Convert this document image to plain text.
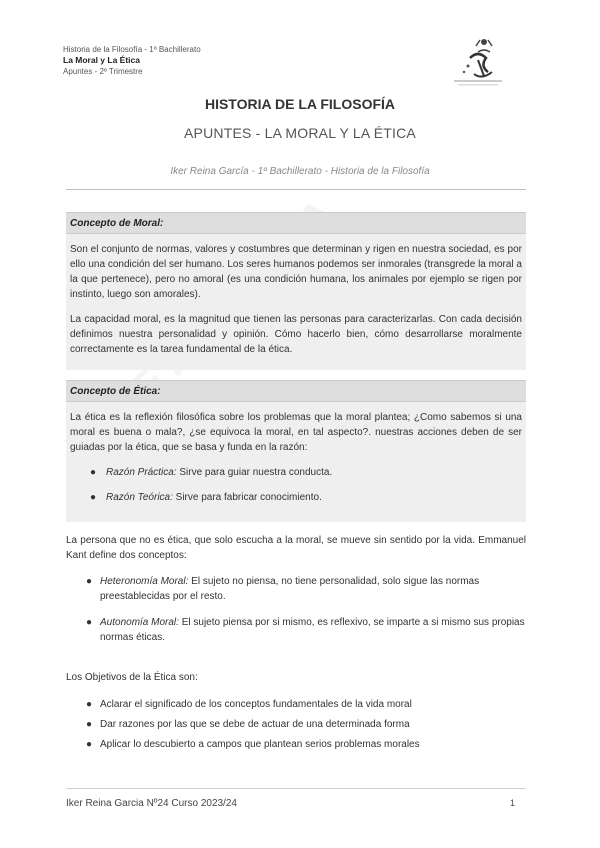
Historia de la Filosofía - 1º Bachillerato
La Moral y La Ética
Apuntes - 2º Trimestre
HISTORIA DE LA FILOSOFÍA
APUNTES - LA MORAL Y LA ÉTICA
Iker Reina García - 1º Bachillerato - Historia de la Filosofía
Concepto de Moral:

Son el conjunto de normas, valores y costumbres que determinan y rigen en nuestra sociedad, es por ello una condición del ser humano. Los seres humanos podemos ser inmorales (transgrede la moral a la que pertenece), pero no amoral (es una condición humana, los animales por ejemplo se rigen por instinto, luego son amorales).

La capacidad moral, es la magnitud que tienen las personas para caracterizarlas. Con cada decisión definimos nuestra personalidad y opinión. Cómo hacerlo bien, cómo desarrollarse moralmente correctamente es la tarea fundamental de la ética.

Concepto de Ética:

La ética es la reflexión filosófica sobre los problemas que la moral plantea; ¿Como sabemos si una moral es buena o mala?, ¿se equivoca la moral, en tal aspecto?. nuestras acciones deben de ser guiadas por la ética, que se basa y funda en la razón:

● Razón Práctica: Sirve para guiar nuestra conducta.
● Razón Teórica: Sirve para fabricar conocimiento.

La persona que no es ética, que solo escucha a la moral, se mueve sin sentido por la vida. Emmanuel Kant define dos conceptos:

● Heteronomía Moral: El sujeto no piensa, no tiene personalidad, solo sigue las normas preestablecidas por el resto.
● Autonomía Moral: El sujeto piensa por si mismo, es reflexivo, se imparte a si mismo sus propias normas éticas.

Los Objetivos de la Ética son:

● Aclarar el significado de los conceptos fundamentales de la vida moral
● Dar razones por las que se debe de actuar de una determinada forma
● Aplicar lo descubierto a campos que plantean serios problemas morales
Iker Reina Garcia Nº24 Curso 2023/24	1
